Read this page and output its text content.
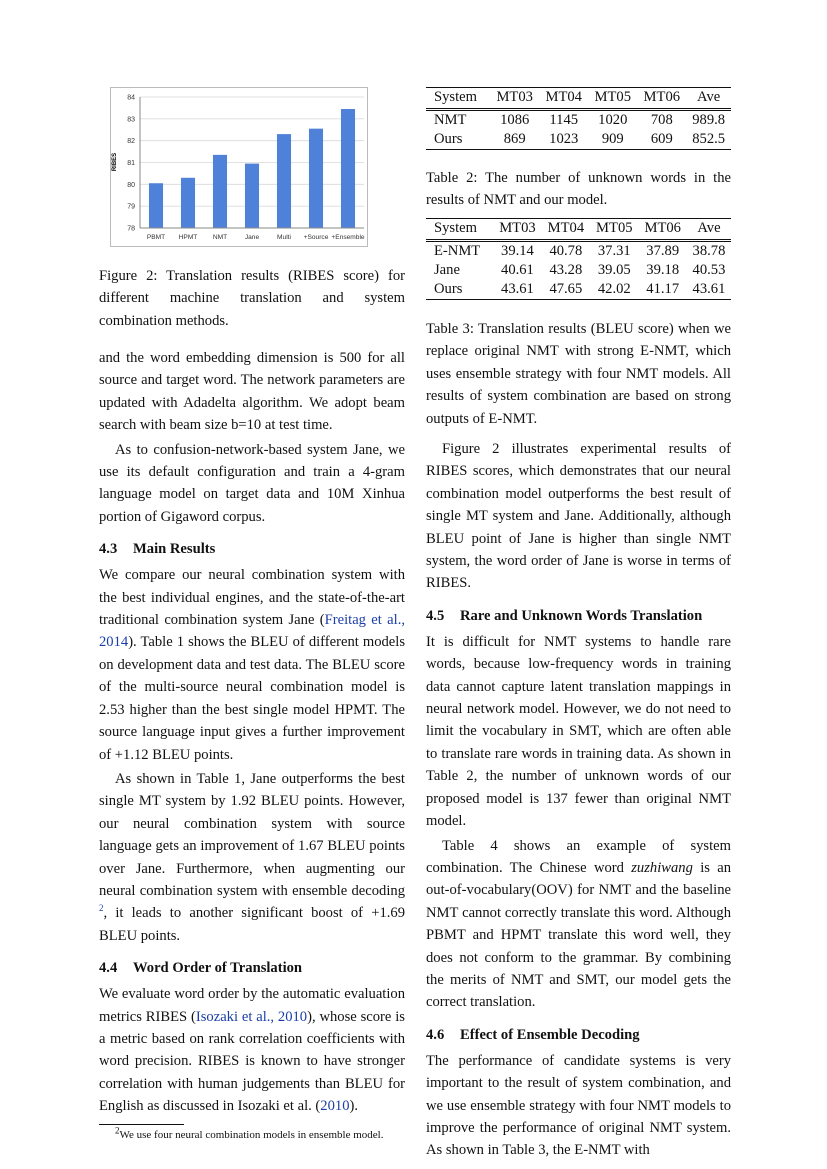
78
79
80
81
82
83
84
PBMT HPMT NMT	Jane	Multi +Source +Ensemble
RIBES

Figure 2: Translation results (RIBES score) for different machine translation and system combination methods.

and the word embedding dimension is 500 for all source and target word. The network parameters are updated with Adadelta algorithm. We adopt beam search with beam size b=10 at test time.

As to confusion-network-based system Jane, we use its default configuration and train a 4-gram language model on target data and 10M Xinhua portion of Gigaword corpus.

4.3 Main Results

We compare our neural combination system with the best individual engines, and the state-of-the-art traditional combination system Jane (Freitag et al., 2014). Table 1 shows the BLEU of different models on development data and test data. The BLEU score of the multi-source neural combination model is 2.53 higher than the best single model HPMT. The source language input gives a further improvement of +1.12 BLEU points.

As shown in Table 1, Jane outperforms the best single MT system by 1.92 BLEU points. However, our neural combination system with source language gets an improvement of 1.67 BLEU points over Jane. Furthermore, when augmenting our neural combination system with ensemble decoding $^2$, it leads to another significant boost of +1.69 BLEU points.

4.4 Word Order of Translation

We evaluate word order by the automatic evaluation metrics RIBES (Isozaki et al., 2010), whose score is a metric based on rank correlation coefficients with word precision. RIBES is known to have stronger correlation with human judgements than BLEU for English as discussed in Isozaki et al. (2010).

$^2$We use four neural combination models in ensemble model.

System	MT03	MT04	MT05	MT06	Ave
NMT	1086	1145	1020	708	989.8
Ours	869	1023	909	609	852.5

Table 2: The number of unknown words in the results of NMT and our model.

System	MT03	MT04	MT05	MT06	Ave
E-NMT	39.14	40.78	37.31	37.89	38.78
Jane	40.61	43.28	39.05	39.18	40.53
Ours	43.61	47.65	42.02	41.17	43.61

Table 3: Translation results (BLEU score) when we replace original NMT with strong E-NMT, which uses ensemble strategy with four NMT models. All results of system combination are based on strong outputs of E-NMT.

Figure 2 illustrates experimental results of RIBES scores, which demonstrates that our neural combination model outperforms the best result of single MT system and Jane. Additionally, although BLEU point of Jane is higher than single NMT system, the word order of Jane is worse in terms of RIBES.

4.5 Rare and Unknown Words Translation

It is difficult for NMT systems to handle rare words, because low-frequency words in training data cannot capture latent translation mappings in neural network model. However, we do not need to limit the vocabulary in SMT, which are often able to translate rare words in training data. As shown in Table 2, the number of unknown words of our proposed model is 137 fewer than original NMT model.

Table 4 shows an example of system combination. The Chinese word zuzhiwang is an out-of-vocabulary(OOV) for NMT and the baseline NMT cannot correctly translate this word. Although PBMT and HPMT translate this word well, they does not conform to the grammar. By combining the merits of NMT and SMT, our model gets the correct translation.

4.6 Effect of Ensemble Decoding

The performance of candidate systems is very important to the result of system combination, and we use ensemble strategy with four NMT models to improve the performance of original NMT system. As shown in Table 3, the E-NMT with
